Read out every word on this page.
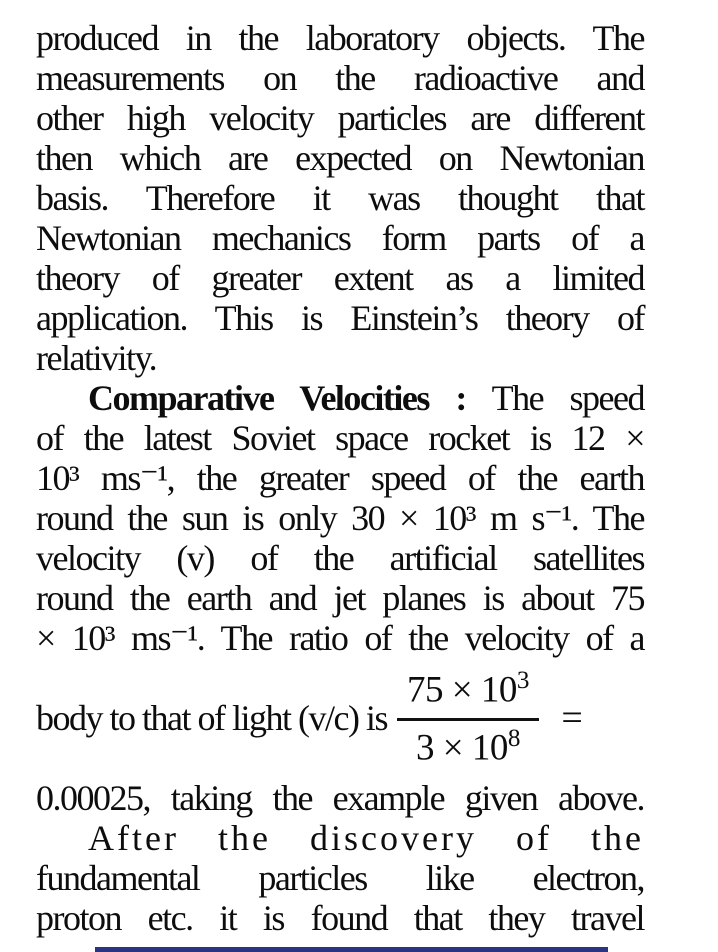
produced in the laboratory objects. The
measurements on the radioactive and
other high velocity particles are different
then which are expected on Newtonian
basis. Therefore it was thought that
Newtonian mechanics form parts of a
theory of greater extent as a limited
application. This is Einstein’s theory of
relativity.
Comparative Velocities : The speed
of the latest Soviet space rocket is 12 ×
10³ ms⁻¹, the greater speed of the earth
round the sun is only 30 × 10³ m s⁻¹. The
velocity (v) of the artificial satellites
round the earth and jet planes is about 75
× 10³ ms⁻¹. The ratio of the velocity of a
body to that of light (v/c) is $\frac{75 \times 10^3}{3 \times 10^8}$ =
0.00025, taking the example given above.
After the discovery of the
fundamental particles like electron,
proton etc. it is found that they travel
